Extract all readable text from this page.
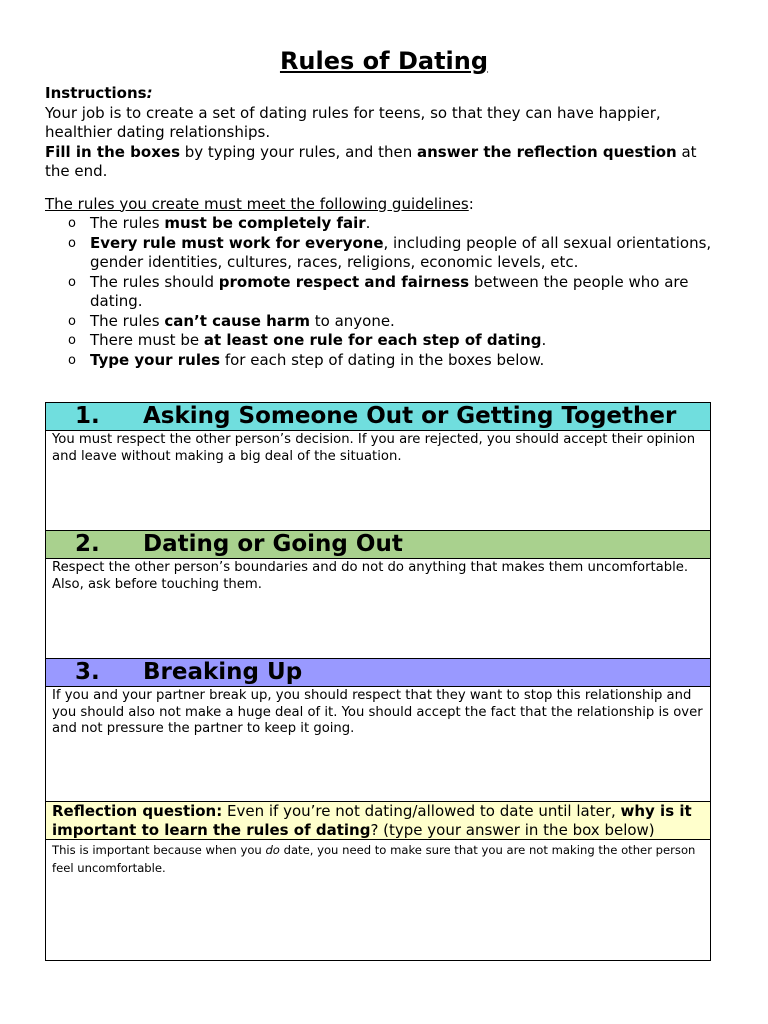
Rules of Dating

Instructions:

Your job is to create a set of dating rules for teens, so that they can have happier, healthier dating relationships.

Fill in the boxes by typing your rules, and then answer the reflection question at the end.

The rules you create must meet the following guidelines:

o The rules must be completely fair.
o Every rule must work for everyone, including people of all sexual orientations, gender identities, cultures, races, religions, economic levels, etc.
o The rules should promote respect and fairness between the people who are dating.
o The rules can’t cause harm to anyone.
o There must be at least one rule for each step of dating.
o Type your rules for each step of dating in the boxes below.
1. Asking Someone Out or Getting Together
You must respect the other person’s decision. If you are rejected, you should accept their opinion and leave without making a big deal of the situation.
2. Dating or Going Out
Respect the other person’s boundaries and do not do anything that makes them uncomfortable. Also, ask before touching them.
3. Breaking Up
If you and your partner break up, you should respect that they want to stop this relationship and you should also not make a huge deal of it. You should accept the fact that the relationship is over and not pressure the partner to keep it going.
Reflection question: Even if you’re not dating/allowed to date until later, why is it important to learn the rules of dating? (type your answer in the box below)
This is important because when you do date, you need to make sure that you are not making the other person feel uncomfortable.
